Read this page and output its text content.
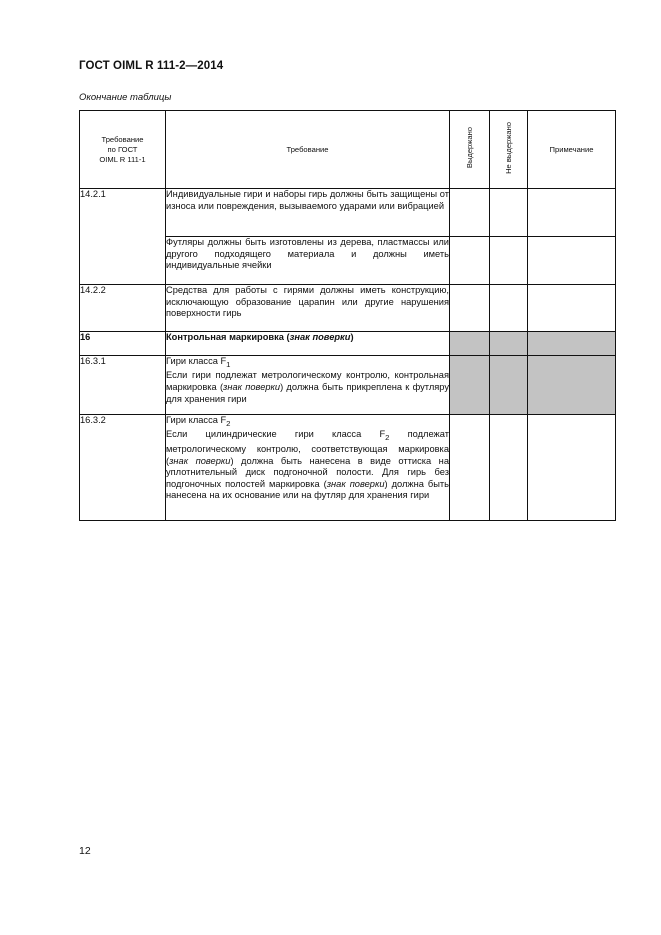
ГОСТ OIML R 111-2—2014
Окончание таблицы
Требование
по ГОСТ
OIML R 111-1	Требование	Выдержано	Не выдержано	Примечание
14.2.1	Индивидуальные гири и наборы гирь должны быть защищены от износа или повреждения, вызываемого ударами или вибрацией			
	Футляры должны быть изготовлены из дерева, пластмассы или другого подходящего материала и должны иметь индивидуальные ячейки			
14.2.2	Средства для работы с гирями должны иметь конструкцию, исключающую образование царапин или другие нарушения поверхности гирь			
16	Контрольная маркировка (знак поверки)			
16.3.1	Гири класса $F_1$
Если гири подлежат метрологическому контролю, контрольная маркировка (знак поверки) должна быть прикреплена к футляру для хранения гири			
16.3.2	Гири класса $F_2$
Если цилиндрические гири класса $F_2$ подлежат метрологическому контролю, соответствующая маркировка (знак поверки) должна быть нанесена в виде оттиска на уплотнительный диск подгоночной полости. Для гирь без подгоночных полостей маркировка (знак поверки) должна быть нанесена на их основание или на футляр для хранения гири			
12
